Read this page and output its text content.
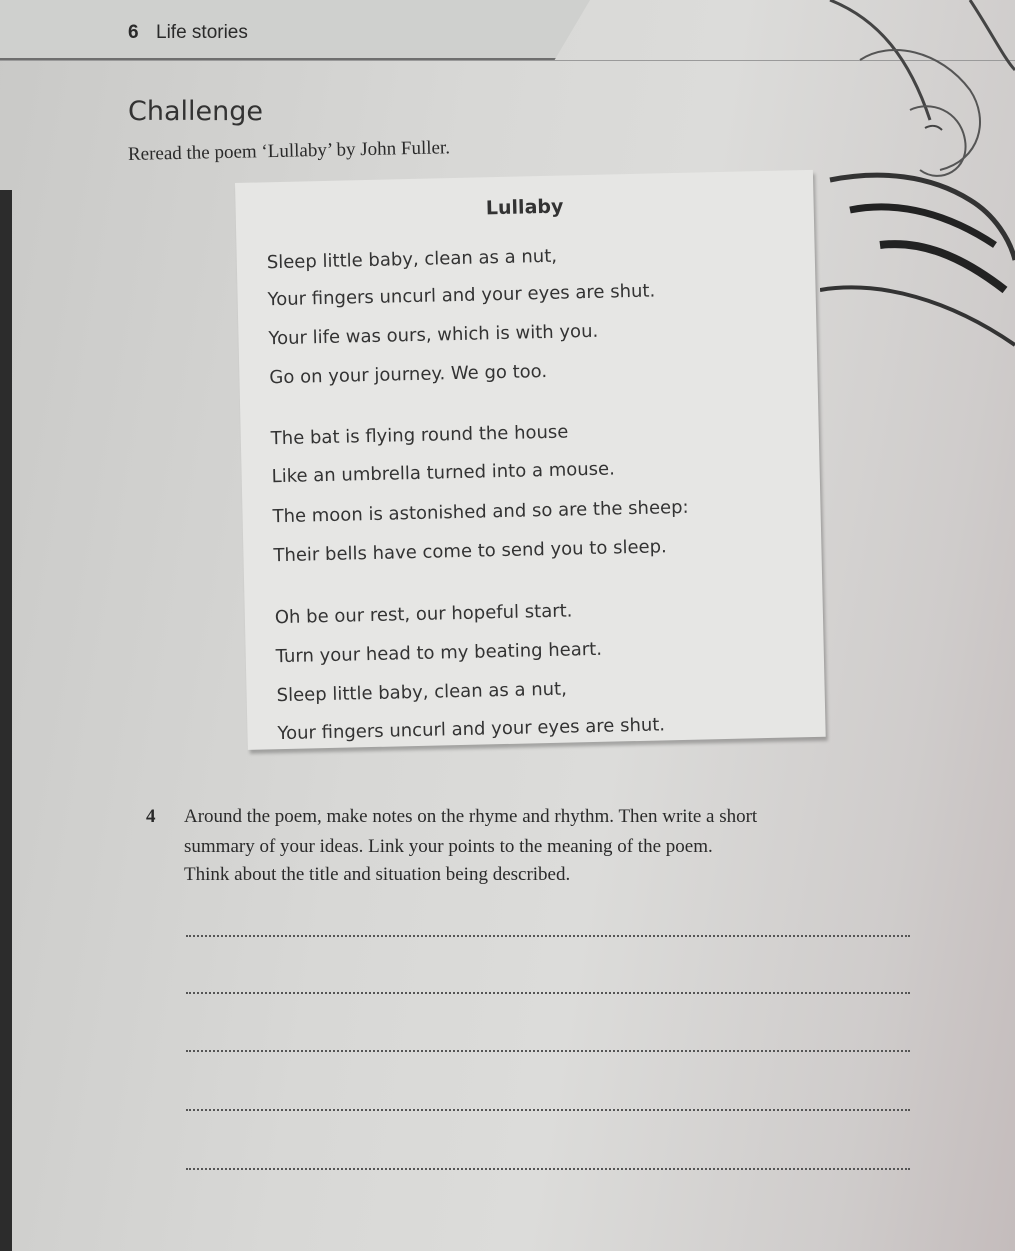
6 Life stories
Challenge
Reread the poem ‘Lullaby’ by John Fuller.
Lullaby
Sleep little baby, clean as a nut,
Your fingers uncurl and your eyes are shut.
Your life was ours, which is with you.
Go on your journey. We go too.
The bat is flying round the house
Like an umbrella turned into a mouse.
The moon is astonished and so are the sheep:
Their bells have come to send you to sleep.
Oh be our rest, our hopeful start.
Turn your head to my beating heart.
Sleep little baby, clean as a nut,
Your fingers uncurl and your eyes are shut.
4 Around the poem, make notes on the rhyme and rhythm. Then write a short
summary of your ideas. Link your points to the meaning of the poem.
Think about the title and situation being described.
